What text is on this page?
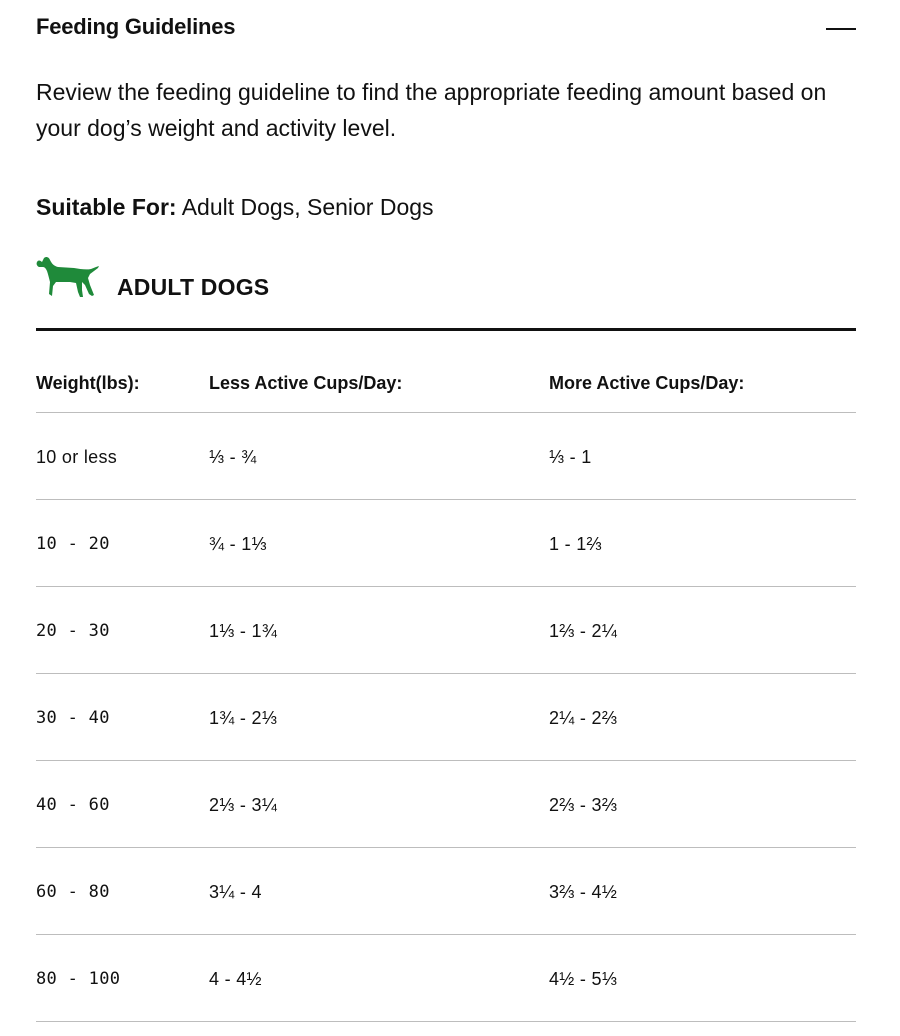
Feeding Guidelines
Review the feeding guideline to find the appropriate feeding amount based on your dog’s weight and activity level.
Suitable For: Adult Dogs, Senior Dogs
ADULT DOGS
Weight(lbs):	Less Active Cups/Day:	More Active Cups/Day:
10 or less	⅓ - ¾	⅓ - 1
10 - 20	¾ - 1⅓	1 - 1⅔
20 - 30	1⅓ - 1¾	1⅔ - 2¼
30 - 40	1¾ - 2⅓	2¼ - 2⅔
40 - 60	2⅓ - 3¼	2⅔ - 3⅔
60 - 80	3¼ - 4	3⅔ - 4½
80 - 100	4 - 4½	4½ - 5⅓
